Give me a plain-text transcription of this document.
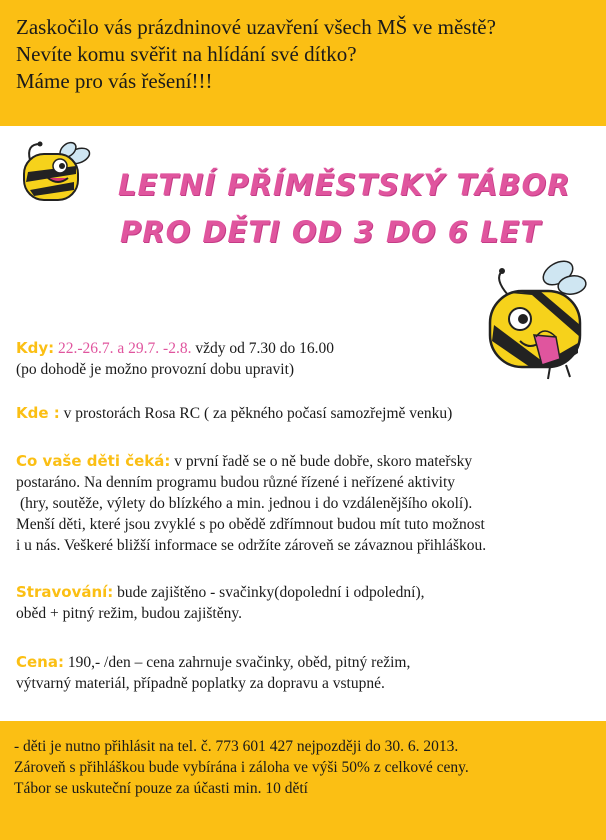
Zaskočilo vás prázdninové uzavření všech MŠ ve městě?
Nevíte komu svěřit na hlídání své dítko?
Máme pro vás řešení!!!
LETNÍ PŘÍMĚSTSKÝ TÁBOR
PRO DĚTI OD 3 DO 6 LET
Kdy: 22.-26.7. a 29.7. -2.8. vždy od 7.30 do 16.00
(po dohodě je možno provozní dobu upravit)
Kde : v prostorách Rosa RC ( za pěkného počasí samozřejmě venku)
Co vaše děti čeká: v první řadě se o ně bude dobře, skoro mateřsky
postaráno. Na denním programu budou různé řízené i neřízené aktivity
(hry, soutěže, výlety do blízkého a min. jednou i do vzdálenějšího okolí).
Menší děti, které jsou zvyklé s po obědě zdřímnout budou mít tuto možnost
i u nás. Veškeré bližší informace se održíte zároveň se závaznou přihláškou.
Stravování: bude zajištěno - svačinky(dopolední i odpolední),
oběd + pitný režim, budou zajištěny.
Cena: 190,- /den – cena zahrnuje svačinky, oběd, pitný režim,
výtvarný materiál, případně poplatky za dopravu a vstupné.
- děti je nutno přihlásit na tel. č. 773 601 427 nejpozději do 30. 6. 2013.
Zároveň s přihláškou bude vybírána i záloha ve výši 50% z celkové ceny.
Tábor se uskuteční pouze za účasti min. 10 dětí
